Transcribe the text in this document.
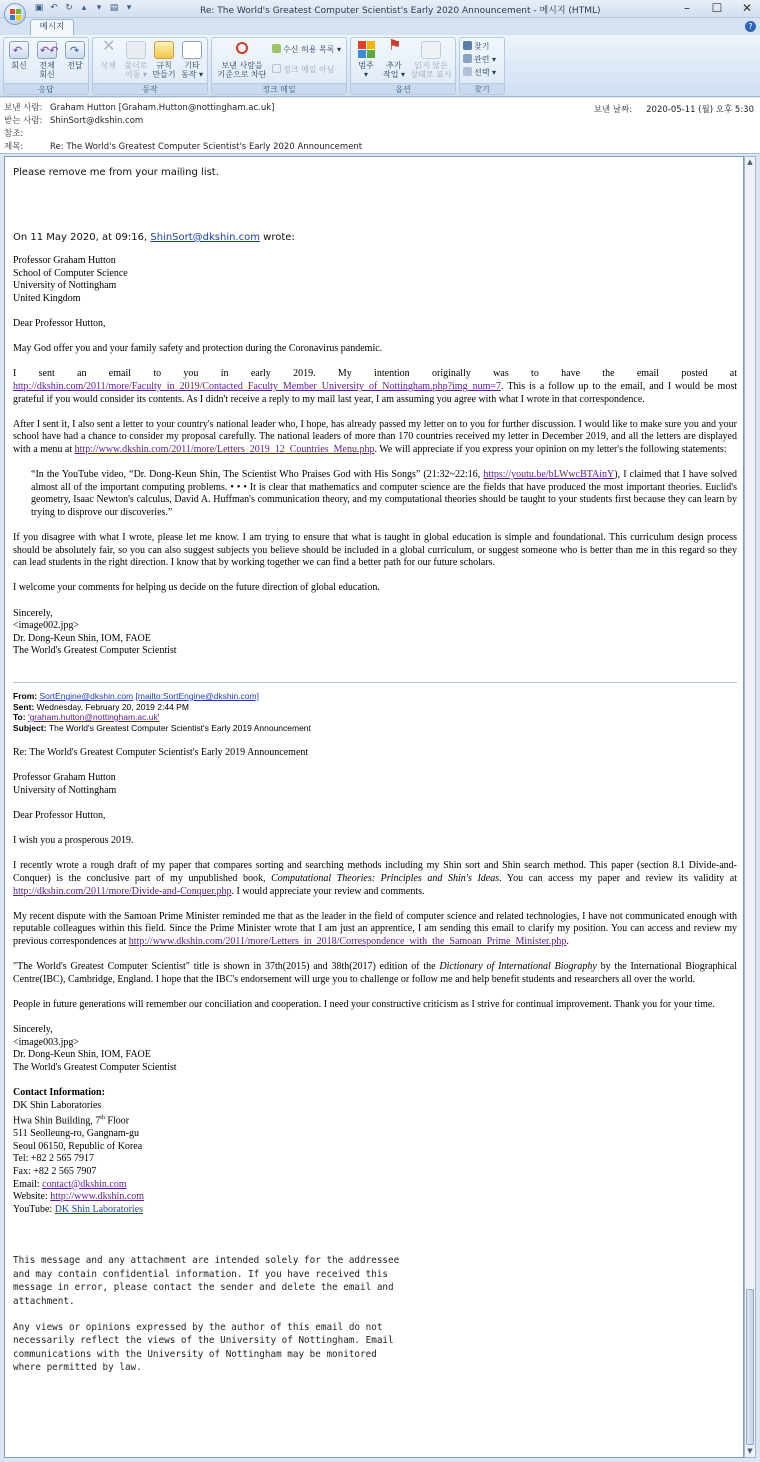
▣ ↶ ↻ ▴	▾ ▤ ▾	Re: The World's Greatest Computer Scientist's Early 2020 Announcement - 메시지 (HTML)	–	☐ ✕
메시지	?
↶
회신
↶↶
전체
회신
↷
전달
응답
✕
삭제	폴더로
이동 ▾
규칙
만들기
기타
동작 ▾
동작
보낸 사람을
기준으로 차단
수신 허용 목록 ▾
정크 메일 아님
정크 메일
범주
▾
⚑
추가
작업 ▾
읽지 않은
상태로 표시
옵션
찾기
관련 ▾
선택 ▾
찾기
보낸 사람: Graham Hutton [Graham.Hutton@nottingham.ac.uk]
받는 사람: ShinSort@dkshin.com
참조:
제목:	Re: The World's Greatest Computer Scientist's Early 2020 Announcement
보낸 날짜: 2020-05-11 (월) 오후 5:30
Please remove me from your mailing list.
On 11 May 2020, at 09:16, ShinSort@dkshin.com wrote:
Professor Graham Hutton
School of Computer Science
University of Nottingham
United Kingdom
Dear Professor Hutton,
May God offer you and your family safety and protection during the Coronavirus pandemic.
I sent an email to you in early 2019. My intention originally was to have the email posted at http://dkshin.com/2011/more/Faculty_in_2019/Contacted_Faculty_Member_University_of_Nottingham.php?img_num=7. This is a follow up to the email, and I would be most grateful if you would consider its contents. As I didn't receive a reply to my mail last year, I am assuming you agree with what I wrote in that correspondence.
After I sent it, I also sent a letter to your country's national leader who, I hope, has already passed my letter on to you for further discussion. I would like to make sure you and your school have had a chance to consider my proposal carefully. The national leaders of more than 170 countries received my letter in December 2019, and all the letters are displayed with a menu at http://www.dkshin.com/2011/more/Letters_2019_12_Countries_Menu.php. We will appreciate if you express your opinion on my letter's the following statements:
“In the YouTube video, “Dr. Dong-Keun Shin, The Scientist Who Praises God with His Songs” (21:32~22:16, https://youtu.be/bLWwcBTAinY), I claimed that I have solved almost all of the important computing problems. • • • It is clear that mathematics and computer science are the fields that have produced the most important theories. Euclid's geometry, Isaac Newton's calculus, David A. Huffman's communication theory, and my computational theories should be taught to your students first because they can learn by trying to disprove our discoveries.”
If you disagree with what I wrote, please let me know. I am trying to ensure that what is taught in global education is simple and foundational. This curriculum design process should be absolutely fair, so you can also suggest subjects you believe should be included in a global curriculum, or suggest someone who is better than me in this regard so they can lead students in the right direction. I know that by working together we can find a better path for our future scholars.
I welcome your comments for helping us decide on the future direction of global education.
Sincerely,
<image002.jpg>
Dr. Dong-Keun Shin, IOM, FAOE
The World's Greatest Computer Scientist
From: SortEngine@dkshin.com [mailto:SortEngine@dkshin.com]
Sent: Wednesday, February 20, 2019 2:44 PM
To: 'graham.hutton@nottingham.ac.uk'
Subject: The World's Greatest Computer Scientist's Early 2019 Announcement
Re: The World's Greatest Computer Scientist's Early 2019 Announcement
Professor Graham Hutton
University of Nottingham
Dear Professor Hutton,
I wish you a prosperous 2019.
I recently wrote a rough draft of my paper that compares sorting and searching methods including my Shin sort and Shin search method. This paper (section 8.1 Divide-and-Conquer) is the conclusive part of my unpublished book, Computational Theories: Principles and Shin's Ideas. You can access my paper and review its validity at http://dkshin.com/2011/more/Divide-and-Conquer.php. I would appreciate your review and comments.
My recent dispute with the Samoan Prime Minister reminded me that as the leader in the field of computer science and related technologies, I have not communicated enough with reputable colleagues within this field. Since the Prime Minister wrote that I am just an apprentice, I am sending this email to clarify my position. You can access and review my previous correspondences at http://www.dkshin.com/2011/more/Letters_in_2018/Correspondence_with_the_Samoan_Prime_Minister.php.
"The World's Greatest Computer Scientist" title is shown in 37th(2015) and 38th(2017) edition of the Dictionary of International Biography by the International Biographical Centre(IBC), Cambridge, England. I hope that the IBC's endorsement will urge you to challenge or follow me and help benefit students and researchers all over the world.
People in future generations will remember our conciliation and cooperation. I need your constructive criticism as I strive for continual improvement. Thank you for your time.
Sincerely,
<image003.jpg>
Dr. Dong-Keun Shin, IOM, FAOE
The World's Greatest Computer Scientist
Contact Information:
DK Shin Laboratories
Hwa Shin Building, 7th Floor
511 Seolleung-ro, Gangnam-gu
Seoul 06150, Republic of Korea
Tel: +82 2 565 7917
Fax: +82 2 565 7907
Email: contact@dkshin.com
Website: http://www.dkshin.com
YouTube: DK Shin Laboratories
This message and any attachment are intended solely for the addressee
and may contain confidential information. If you have received this
message in error, please contact the sender and delete the email and
attachment.
Any views or opinions expressed by the author of this email do not
necessarily reflect the views of the University of Nottingham. Email
communications with the University of Nottingham may be monitored
where permitted by law.
▲
▼
